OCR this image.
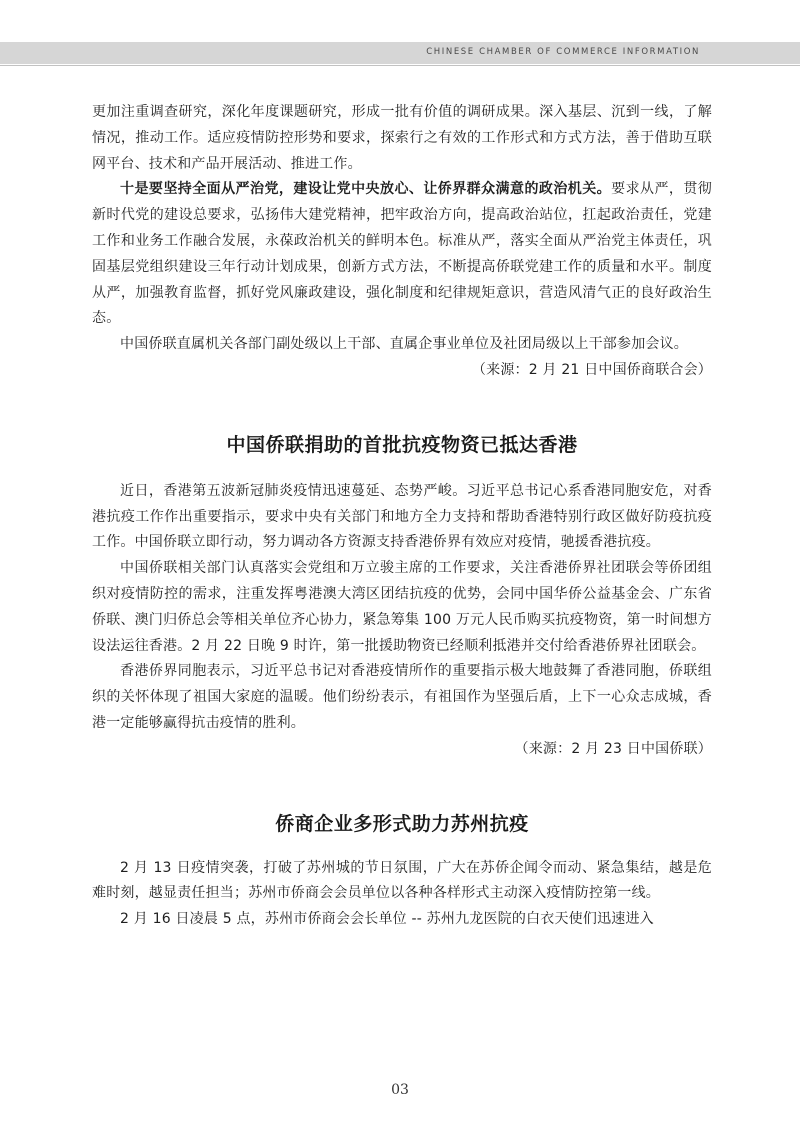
CHINESE CHAMBER OF COMMERCE INFORMATION

更加注重调查研究，深化年度课题研究，形成一批有价值的调研成果。深入基层、沉到一线，了解情况，推动工作。适应疫情防控形势和要求，探索行之有效的工作形式和方式方法，善于借助互联网平台、技术和产品开展活动、推进工作。

十是要坚持全面从严治党，建设让党中央放心、让侨界群众满意的政治机关。要求从严，贯彻新时代党的建设总要求，弘扬伟大建党精神，把牢政治方向，提高政治站位，扛起政治责任，党建工作和业务工作融合发展，永葆政治机关的鲜明本色。标准从严，落实全面从严治党主体责任，巩固基层党组织建设三年行动计划成果，创新方式方法，不断提高侨联党建工作的质量和水平。制度从严，加强教育监督，抓好党风廉政建设，强化制度和纪律规矩意识，营造风清气正的良好政治生态。

中国侨联直属机关各部门副处级以上干部、直属企事业单位及社团局级以上干部参加会议。

（来源：2 月 21 日中国侨商联合会）

中国侨联捐助的首批抗疫物资已抵达香港

近日，香港第五波新冠肺炎疫情迅速蔓延、态势严峻。习近平总书记心系香港同胞安危，对香港抗疫工作作出重要指示，要求中央有关部门和地方全力支持和帮助香港特别行政区做好防疫抗疫工作。中国侨联立即行动，努力调动各方资源支持香港侨界有效应对疫情，驰援香港抗疫。

中国侨联相关部门认真落实会党组和万立骏主席的工作要求，关注香港侨界社团联会等侨团组织对疫情防控的需求，注重发挥粤港澳大湾区团结抗疫的优势，会同中国华侨公益基金会、广东省侨联、澳门归侨总会等相关单位齐心协力，紧急筹集 100 万元人民币购买抗疫物资，第一时间想方设法运往香港。2 月 22 日晚 9 时许，第一批援助物资已经顺利抵港并交付给香港侨界社团联会。

香港侨界同胞表示，习近平总书记对香港疫情所作的重要指示极大地鼓舞了香港同胞，侨联组织的关怀体现了祖国大家庭的温暖。他们纷纷表示，有祖国作为坚强后盾，上下一心众志成城，香港一定能够赢得抗击疫情的胜利。

（来源：2 月 23 日中国侨联）

侨商企业多形式助力苏州抗疫

2 月 13 日疫情突袭，打破了苏州城的节日氛围，广大在苏侨企闻令而动、紧急集结，越是危难时刻，越显责任担当；苏州市侨商会会员单位以各种各样形式主动深入疫情防控第一线。

2 月 16 日凌晨 5 点，苏州市侨商会会长单位 -- 苏州九龙医院的白衣天使们迅速进入

03
